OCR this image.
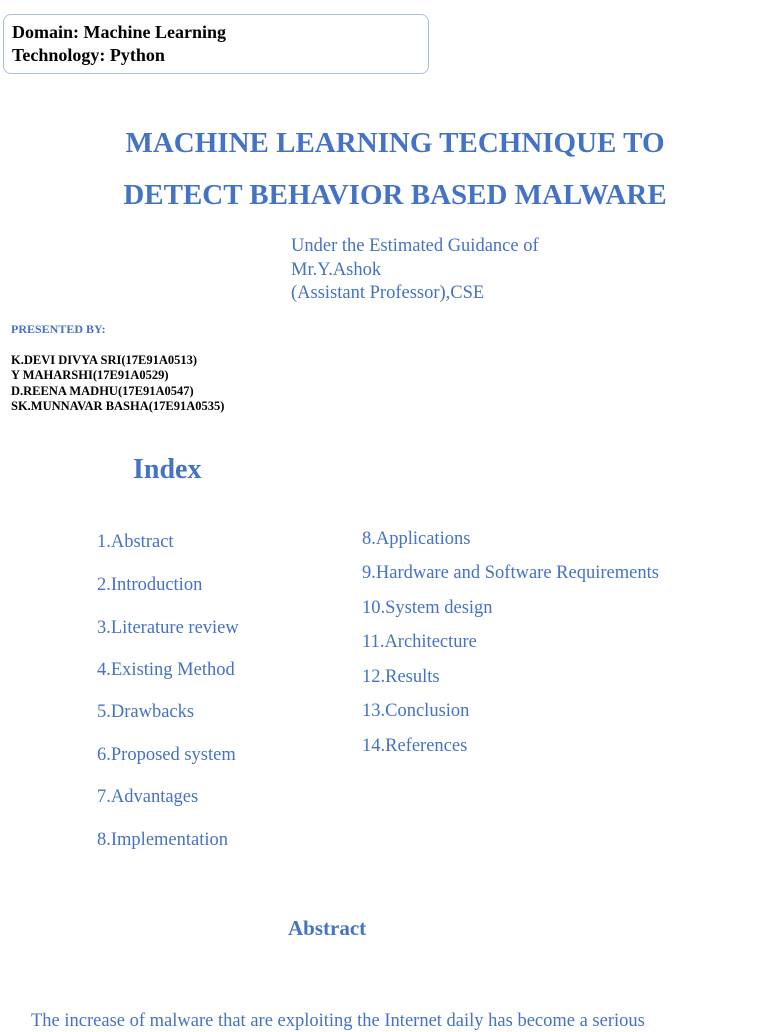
Domain: Machine Learning
Technology: Python
MACHINE LEARNING TECHNIQUE TO
DETECT BEHAVIOR BASED MALWARE
Under the Estimated Guidance of
Mr.Y.Ashok
(Assistant Professor),CSE
PRESENTED BY:
K.DEVI DIVYA SRI(17E91A0513)
Y MAHARSHI(17E91A0529)
D.REENA MADHU(17E91A0547)
SK.MUNNAVAR BASHA(17E91A0535)
Index
1.Abstract
2.Introduction
3.Literature review
4.Existing Method
5.Drawbacks
6.Proposed system
7.Advantages
8.Implementation
8.Applications
9.Hardware and Software Requirements
10.System design
11.Architecture
12.Results
13.Conclusion
14.References
Abstract
The increase of malware that are exploiting the Internet daily has become a serious
